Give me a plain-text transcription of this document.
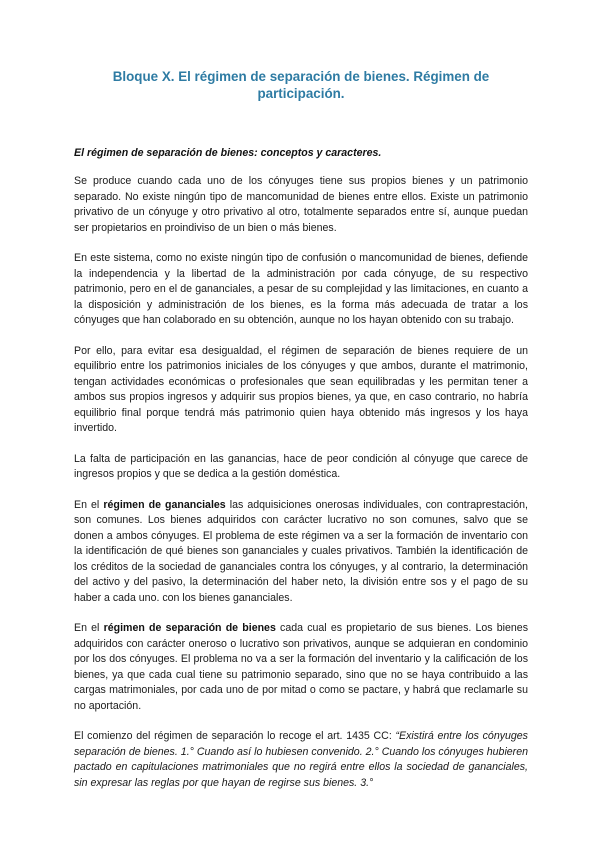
Bloque X. El régimen de separación de bienes. Régimen de participación.
El régimen de separación de bienes: conceptos y caracteres.

Se produce cuando cada uno de los cónyuges tiene sus propios bienes y un patrimonio separado. No existe ningún tipo de mancomunidad de bienes entre ellos. Existe un patrimonio privativo de un cónyuge y otro privativo al otro, totalmente separados entre sí, aunque puedan ser propietarios en proindiviso de un bien o más bienes.

En este sistema, como no existe ningún tipo de confusión o mancomunidad de bienes, defiende la independencia y la libertad de la administración por cada cónyuge, de su respectivo patrimonio, pero en el de gananciales, a pesar de su complejidad y las limitaciones, en cuanto a la disposición y administración de los bienes, es la forma más adecuada de tratar a los cónyuges que han colaborado en su obtención, aunque no los hayan obtenido con su trabajo.

Por ello, para evitar esa desigualdad, el régimen de separación de bienes requiere de un equilibrio entre los patrimonios iniciales de los cónyuges y que ambos, durante el matrimonio, tengan actividades económicas o profesionales que sean equilibradas y les permitan tener a ambos sus propios ingresos y adquirir sus propios bienes, ya que, en caso contrario, no habría equilibrio final porque tendrá más patrimonio quien haya obtenido más ingresos y los haya invertido.

La falta de participación en las ganancias, hace de peor condición al cónyuge que carece de ingresos propios y que se dedica a la gestión doméstica.

En el régimen de gananciales las adquisiciones onerosas individuales, con contraprestación, son comunes. Los bienes adquiridos con carácter lucrativo no son comunes, salvo que se donen a ambos cónyuges. El problema de este régimen va a ser la formación de inventario con la identificación de qué bienes son gananciales y cuales privativos. También la identificación de los créditos de la sociedad de gananciales contra los cónyuges, y al contrario, la determinación del activo y del pasivo, la determinación del haber neto, la división entre sos y el pago de su haber a cada uno. con los bienes gananciales.

En el régimen de separación de bienes cada cual es propietario de sus bienes. Los bienes adquiridos con carácter oneroso o lucrativo son privativos, aunque se adquieran en condominio por los dos cónyuges. El problema no va a ser la formación del inventario y la calificación de los bienes, ya que cada cual tiene su patrimonio separado, sino que no se haya contribuido a las cargas matrimoniales, por cada uno de por mitad o como se pactare, y habrá que reclamarle su no aportación.

El comienzo del régimen de separación lo recoge el art. 1435 CC: “Existirá entre los cónyuges separación de bienes. 1.° Cuando así lo hubiesen convenido. 2.° Cuando los cónyuges hubieren pactado en capitulaciones matrimoniales que no regirá entre ellos la sociedad de gananciales, sin expresar las reglas por que hayan de regirse sus bienes. 3.°
